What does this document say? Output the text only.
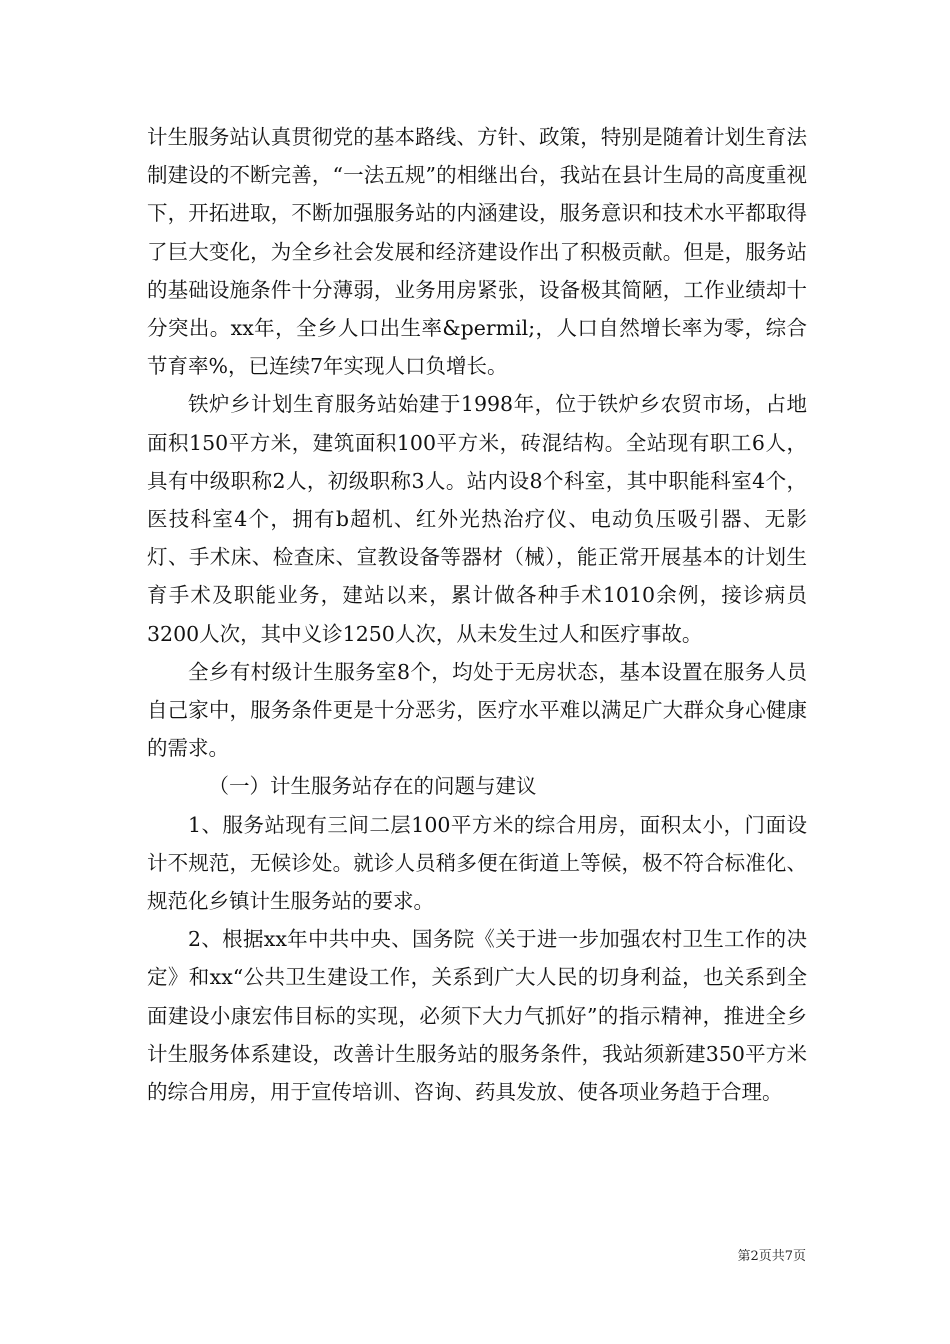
计生服务站认真贯彻党的基本路线、方针、政策，特别是随着计划生育法制建设的不断完善，“一法五规”的相继出台，我站在县计生局的高度重视下，开拓进取，不断加强服务站的内涵建设，服务意识和技术水平都取得了巨大变化，为全乡社会发展和经济建设作出了积极贡献。但是，服务站的基础设施条件十分薄弱，业务用房紧张，设备极其简陋，工作业绩却十分突出。xx年，全乡人口出生率&permil;，人口自然增长率为零，综合节育率%，已连续7年实现人口负增长。

铁炉乡计划生育服务站始建于1998年，位于铁炉乡农贸市场，占地面积150平方米，建筑面积100平方米，砖混结构。全站现有职工6人，具有中级职称2人，初级职称3人。站内设8个科室，其中职能科室4个，医技科室4个，拥有b超机、红外光热治疗仪、电动负压吸引器、无影灯、手术床、检查床、宣教设备等器材（械），能正常开展基本的计划生育手术及职能业务，建站以来，累计做各种手术1010余例，接诊病员3200人次，其中义诊1250人次，从未发生过人和医疗事故。

全乡有村级计生服务室8个，均处于无房状态，基本设置在服务人员自己家中，服务条件更是十分恶劣，医疗水平难以满足广大群众身心健康的需求。

（一）计生服务站存在的问题与建议

1、服务站现有三间二层100平方米的综合用房，面积太小，门面设计不规范，无候诊处。就诊人员稍多便在街道上等候，极不符合标准化、规范化乡镇计生服务站的要求。

2、根据xx年中共中央、国务院《关于进一步加强农村卫生工作的决定》和xx“公共卫生建设工作，关系到广大人民的切身利益，也关系到全面建设小康宏伟目标的实现，必须下大力气抓好”的指示精神，推进全乡计生服务体系建设，改善计生服务站的服务条件，我站须新建350平方米的综合用房，用于宣传培训、咨询、药具发放、使各项业务趋于合理。

第2页共7页
